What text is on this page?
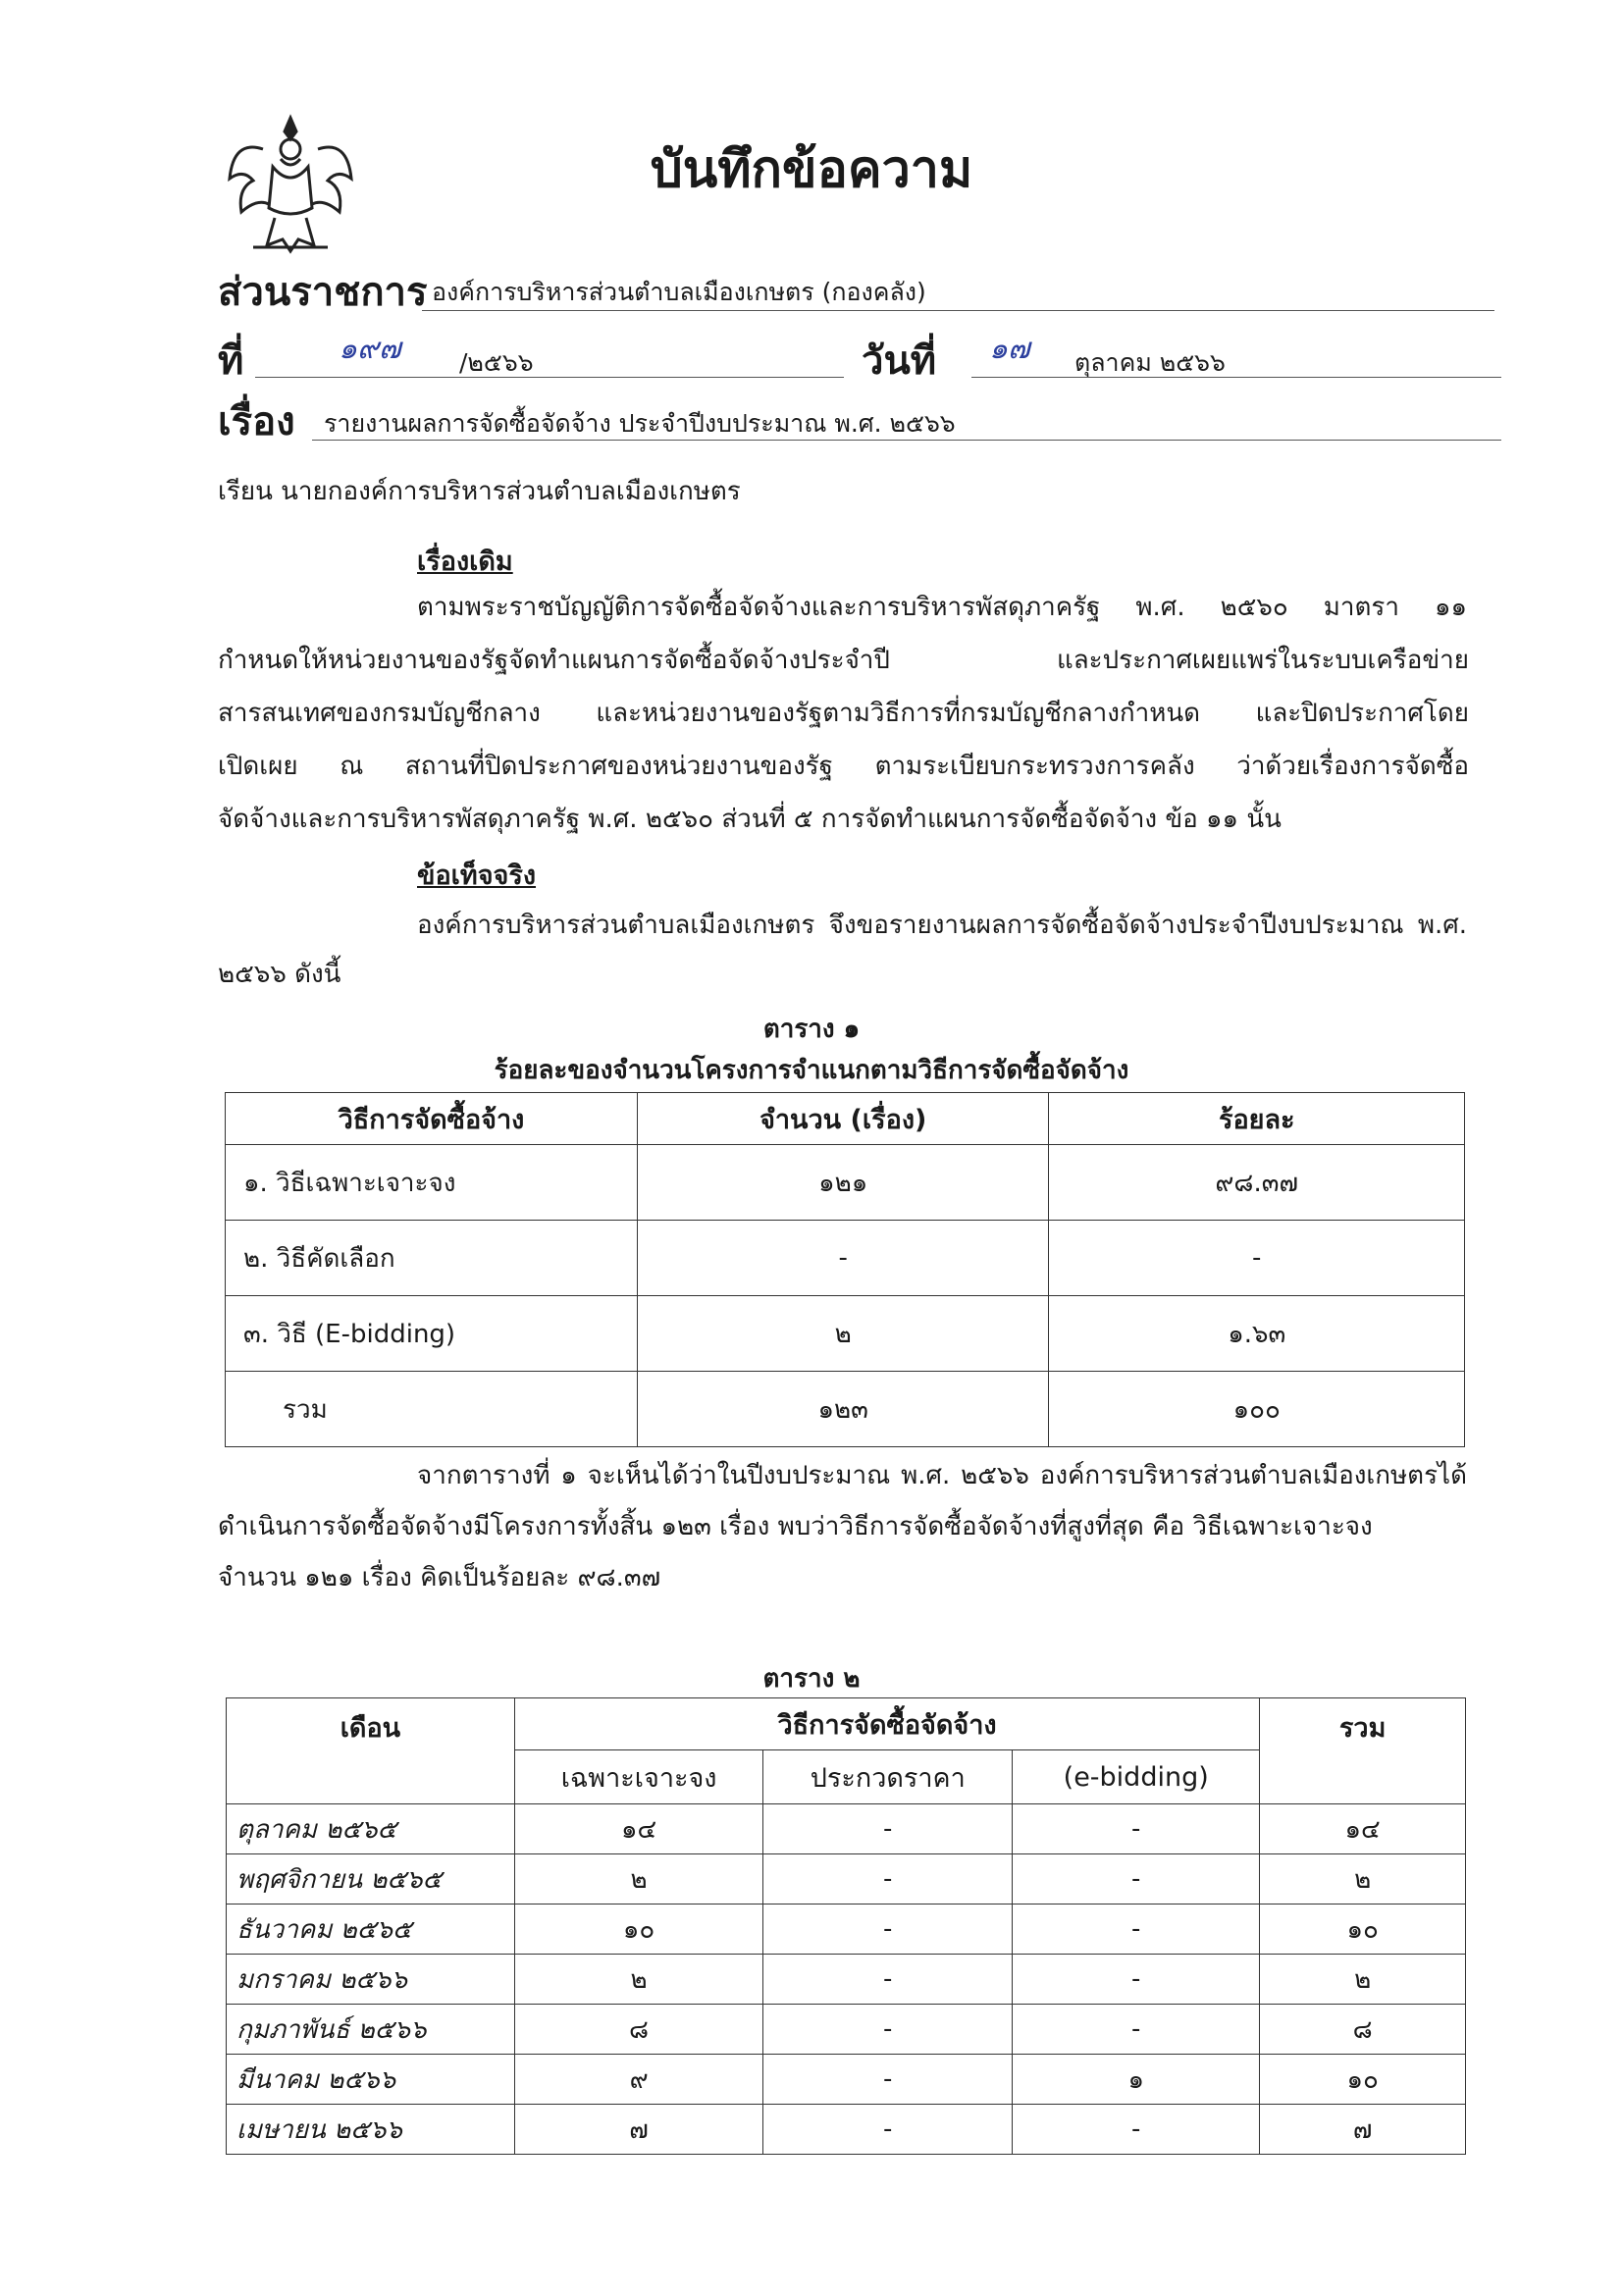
บันทึกข้อความ
ส่วนราชการ องค์การบริหารส่วนตำบลเมืองเกษตร (กองคลัง)
ที่	๑๙๗ /๒๕๖๖	วันที่ ๑๗ ตุลาคม ๒๕๖๖
เรื่อง รายงานผลการจัดซื้อจัดจ้าง ประจำปีงบประมาณ พ.ศ. ๒๕๖๖
เรียน นายกองค์การบริหารส่วนตำบลเมืองเกษตร
เรื่องเดิม
ตามพระราชบัญญัติการจัดซื้อจัดจ้างและการบริหารพัสดุภาครัฐ พ.ศ. ๒๕๖๐ มาตรา ๑๑
กำหนดให้หน่วยงานของรัฐจัดทำแผนการจัดซื้อจัดจ้างประจำปี และประกาศเผยแพร่ในระบบเครือข่าย
สารสนเทศของกรมบัญชีกลาง และหน่วยงานของรัฐตามวิธีการที่กรมบัญชีกลางกำหนด และปิดประกาศโดย
เปิดเผย ณ สถานที่ปิดประกาศของหน่วยงานของรัฐ ตามระเบียบกระทรวงการคลัง ว่าด้วยเรื่องการจัดซื้อ
จัดจ้างและการบริหารพัสดุภาครัฐ พ.ศ. ๒๕๖๐ ส่วนที่ ๕ การจัดทำแผนการจัดซื้อจัดจ้าง ข้อ ๑๑ นั้น
ข้อเท็จจริง
องค์การบริหารส่วนตำบลเมืองเกษตร จึงขอรายงานผลการจัดซื้อจัดจ้างประจำปีงบประมาณ พ.ศ.
๒๕๖๖ ดังนี้
ตาราง ๑
ร้อยละของจำนวนโครงการจำแนกตามวิธีการจัดซื้อจัดจ้าง
วิธีการจัดซื้อจ้าง	จำนวน (เรื่อง)	ร้อยละ
๑. วิธีเฉพาะเจาะจง	๑๒๑	๙๘.๓๗
๒. วิธีคัดเลือก	-	-
๓. วิธี (E-bidding)	๒	๑.๖๓
รวม	๑๒๓	๑๐๐
จากตารางที่ ๑ จะเห็นได้ว่าในปีงบประมาณ พ.ศ. ๒๕๖๖ องค์การบริหารส่วนตำบลเมืองเกษตรได้
ดำเนินการจัดซื้อจัดจ้างมีโครงการทั้งสิ้น ๑๒๓ เรื่อง พบว่าวิธีการจัดซื้อจัดจ้างที่สูงที่สุด คือ วิธีเฉพาะเจาะจง
จำนวน ๑๒๑ เรื่อง คิดเป็นร้อยละ ๙๘.๓๗
ตาราง ๒
เดือน	วิธีการจัดซื้อจัดจ้าง			รวม
	เฉพาะเจาะจง	ประกวดราคา	(e-bidding)	
ตุลาคม ๒๕๖๕	๑๔	-	-	๑๔
พฤศจิกายน ๒๕๖๕	๒	-	-	๒
ธันวาคม ๒๕๖๕	๑๐	-	-	๑๐
มกราคม ๒๕๖๖	๒	-	-	๒
กุมภาพันธ์ ๒๕๖๖	๘	-	-	๘
มีนาคม ๒๕๖๖	๙	-	๑	๑๐
เมษายน ๒๕๖๖	๗	-	-	๗
